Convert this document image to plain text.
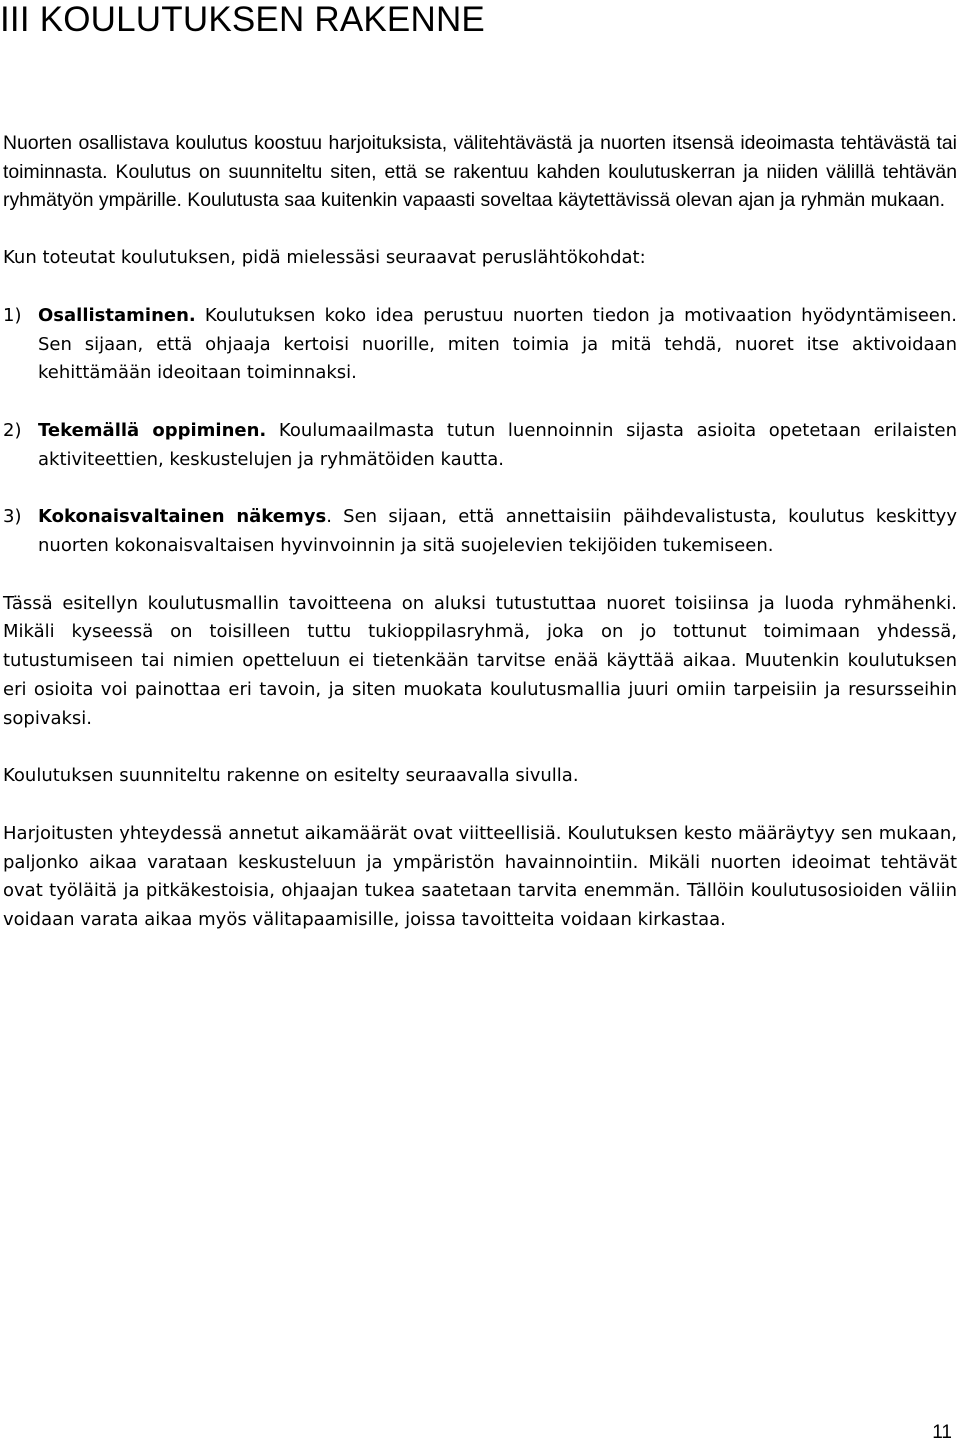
III KOULUTUKSEN RAKENNE

Nuorten osallistava koulutus koostuu harjoituksista, välitehtävästä ja nuorten itsensä ideoimasta tehtävästä tai toiminnasta. Koulutus on suunniteltu siten, että se rakentuu kahden koulutuskerran ja niiden välillä tehtävän ryhmätyön ympärille. Koulutusta saa kuitenkin vapaasti soveltaa käytettävissä olevan ajan ja ryhmän mukaan.

Kun toteutat koulutuksen, pidä mielessäsi seuraavat peruslähtökohdat:

1) Osallistaminen. Koulutuksen koko idea perustuu nuorten tiedon ja motivaation hyödyntämiseen. Sen sijaan, että ohjaaja kertoisi nuorille, miten toimia ja mitä tehdä, nuoret itse aktivoidaan kehittämään ideoitaan toiminnaksi.
2) Tekemällä oppiminen. Koulumaailmasta tutun luennoinnin sijasta asioita opetetaan erilaisten aktiviteettien, keskustelujen ja ryhmätöiden kautta.
3) Kokonaisvaltainen näkemys. Sen sijaan, että annettaisiin päihdevalistusta, koulutus keskittyy nuorten kokonaisvaltaisen hyvinvoinnin ja sitä suojelevien tekijöiden tukemiseen.

Tässä esitellyn koulutusmallin tavoitteena on aluksi tutustuttaa nuoret toisiinsa ja luoda ryhmähenki. Mikäli kyseessä on toisilleen tuttu tukioppilasryhmä, joka on jo tottunut toimimaan yhdessä, tutustumiseen tai nimien opetteluun ei tietenkään tarvitse enää käyttää aikaa. Muutenkin koulutuksen eri osioita voi painottaa eri tavoin, ja siten muokata koulutusmallia juuri omiin tarpeisiin ja resursseihin sopivaksi.

Koulutuksen suunniteltu rakenne on esitelty seuraavalla sivulla.

Harjoitusten yhteydessä annetut aikamäärät ovat viitteellisiä. Koulutuksen kesto määräytyy sen mukaan, paljonko aikaa varataan keskusteluun ja ympäristön havainnointiin. Mikäli nuorten ideoimat tehtävät ovat työläitä ja pitkäkestoisia, ohjaajan tukea saatetaan tarvita enemmän. Tällöin koulutusosioiden väliin voidaan varata aikaa myös välitapaamisille, joissa tavoitteita voidaan kirkastaa.

11
